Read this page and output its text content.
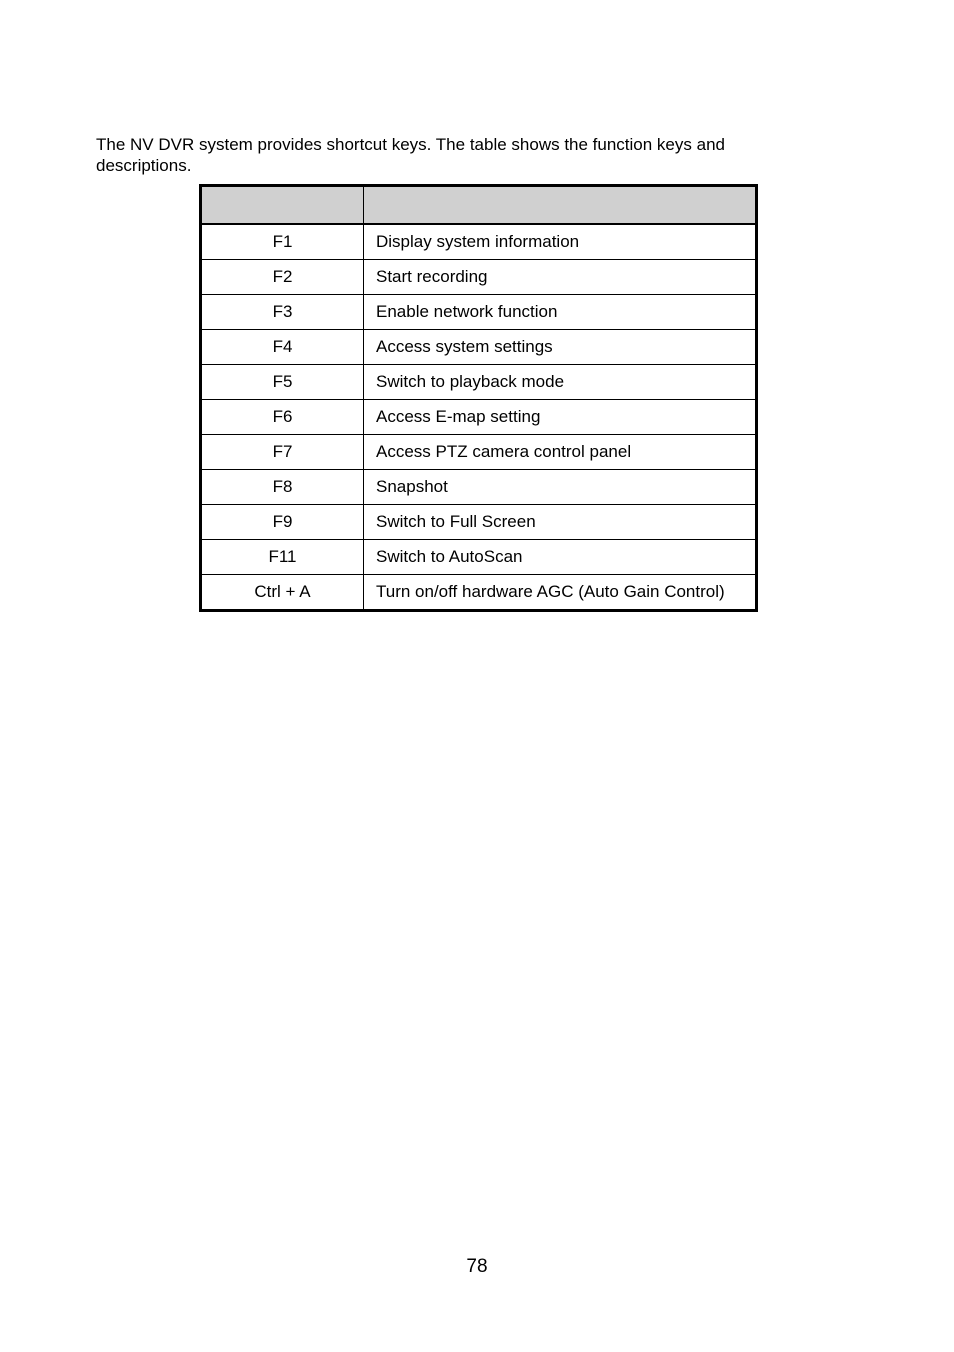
The NV DVR system provides shortcut keys. The table shows the function keys and descriptions.

F1	Display system information
F2	Start recording
F3	Enable network function
F4	Access system settings
F5	Switch to playback mode
F6	Access E-map setting
F7	Access PTZ camera control panel
F8	Snapshot
F9	Switch to Full Screen
F11	Switch to AutoScan
Ctrl + A	Turn on/off hardware AGC (Auto Gain Control)
78
